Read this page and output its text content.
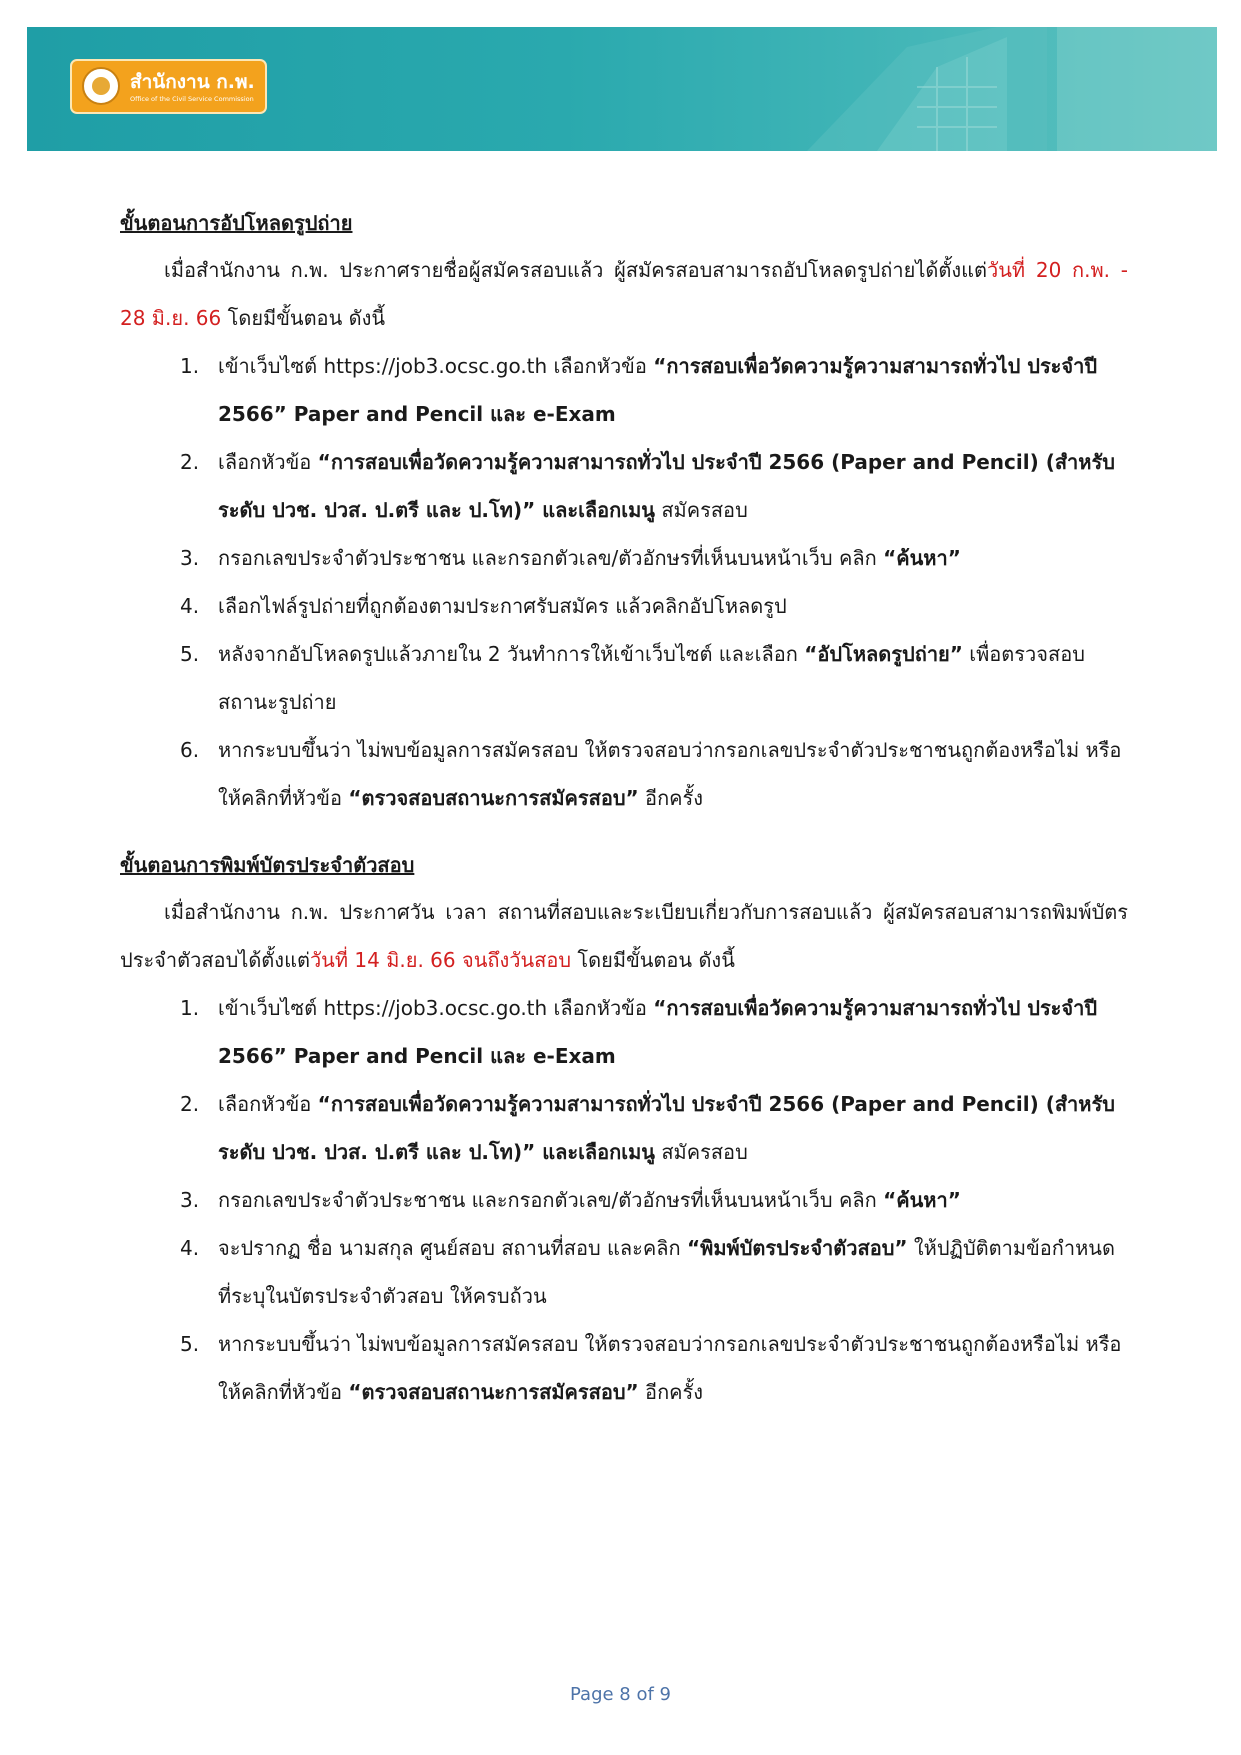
สำนักงาน ก.พ.
Office of the Civil Service Commission

ขั้นตอนการอัปโหลดรูปถ่าย

เมื่อสำนักงาน ก.พ. ประกาศรายชื่อผู้สมัครสอบแล้ว ผู้สมัครสอบสามารถอัปโหลดรูปถ่ายได้ตั้งแต่วันที่ 20 ก.พ. - 28 มิ.ย. 66 โดยมีขั้นตอน ดังนี้

1. เข้าเว็บไซต์ https://job3.ocsc.go.th เลือกหัวข้อ “การสอบเพื่อวัดความรู้ความสามารถทั่วไป ประจำปี 2566” Paper and Pencil และ e-Exam
2. เลือกหัวข้อ “การสอบเพื่อวัดความรู้ความสามารถทั่วไป ประจำปี 2566 (Paper and Pencil) (สำหรับระดับ ปวช. ปวส. ป.ตรี และ ป.โท)” และเลือกเมนู สมัครสอบ
3. กรอกเลขประจำตัวประชาชน และกรอกตัวเลข/ตัวอักษรที่เห็นบนหน้าเว็บ คลิก “ค้นหา”
4. เลือกไฟล์รูปถ่ายที่ถูกต้องตามประกาศรับสมัคร แล้วคลิกอัปโหลดรูป
5. หลังจากอัปโหลดรูปแล้วภายใน 2 วันทำการให้เข้าเว็บไซต์ และเลือก “อัปโหลดรูปถ่าย” เพื่อตรวจสอบสถานะรูปถ่าย
6. หากระบบขึ้นว่า ไม่พบข้อมูลการสมัครสอบ ให้ตรวจสอบว่ากรอกเลขประจำตัวประชาชนถูกต้องหรือไม่ หรือให้คลิกที่หัวข้อ “ตรวจสอบสถานะการสมัครสอบ” อีกครั้ง

ขั้นตอนการพิมพ์บัตรประจำตัวสอบ

เมื่อสำนักงาน ก.พ. ประกาศวัน เวลา สถานที่สอบและระเบียบเกี่ยวกับการสอบแล้ว ผู้สมัครสอบสามารถพิมพ์บัตรประจำตัวสอบได้ตั้งแต่วันที่ 14 มิ.ย. 66 จนถึงวันสอบ โดยมีขั้นตอน ดังนี้

1. เข้าเว็บไซต์ https://job3.ocsc.go.th เลือกหัวข้อ “การสอบเพื่อวัดความรู้ความสามารถทั่วไป ประจำปี 2566” Paper and Pencil และ e-Exam
2. เลือกหัวข้อ “การสอบเพื่อวัดความรู้ความสามารถทั่วไป ประจำปี 2566 (Paper and Pencil) (สำหรับระดับ ปวช. ปวส. ป.ตรี และ ป.โท)” และเลือกเมนู สมัครสอบ
3. กรอกเลขประจำตัวประชาชน และกรอกตัวเลข/ตัวอักษรที่เห็นบนหน้าเว็บ คลิก “ค้นหา”
4. จะปรากฏ ชื่อ นามสกุล ศูนย์สอบ สถานที่สอบ และคลิก “พิมพ์บัตรประจำตัวสอบ” ให้ปฏิบัติตามข้อกำหนดที่ระบุในบัตรประจำตัวสอบ ให้ครบถ้วน
5. หากระบบขึ้นว่า ไม่พบข้อมูลการสมัครสอบ ให้ตรวจสอบว่ากรอกเลขประจำตัวประชาชนถูกต้องหรือไม่ หรือให้คลิกที่หัวข้อ “ตรวจสอบสถานะการสมัครสอบ” อีกครั้ง
Page 8 of 9
